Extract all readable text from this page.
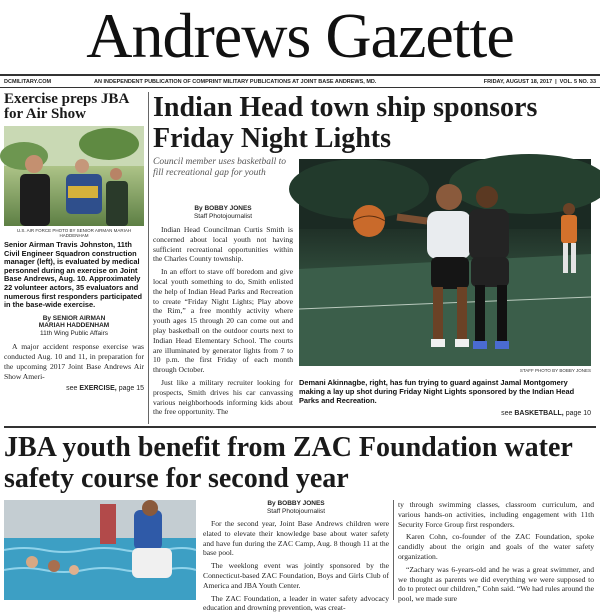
Andrews Gazette
DCMILITARY.COM	AN INDEPENDENT PUBLICATION OF COMPRINT MILITARY PUBLICATIONS AT JOINT BASE ANDREWS, MD.	FRIDAY, AUGUST 18, 2017 | VOL. 5 NO. 33
Exercise preps JBA for Air Show
U.S. AIR FORCE PHOTO BY SENIOR AIRMAN MARIAH HADDENHAM
Senior Airman Travis Johnston, 11th Civil Engineer Squadron construction manager (left), is evaluated by medical personnel during an exercise on Joint Base Andrews, Aug. 10. Approximately 22 volunteer actors, 35 evaluators and numerous first responders participated in the base-wide exercise.
By SENIOR AIRMAN
MARIAH HADDENHAM
11th Wing Public Affairs
A major accident response exercise was conducted Aug. 10 and 11, in preparation for the upcoming 2017 Joint Base Andrews Air Show Ameri-
see EXERCISE, page 15
Indian Head town ship sponsors Friday Night Lights
Council member uses basketball to fill recreational gap for youth
By BOBBY JONES
Staff Photojournalist
Indian Head Councilman Curtis Smith is concerned about local youth not having sufficient recreational opportunities within the Charles County township.
In an effort to stave off boredom and give local youth something to do, Smith enlisted the help of Indian Head Parks and Recreation to create “Friday Night Lights; Play above the Rim,” a free monthly activity where youth ages 15 through 20 can come out and play basketball on the outdoor courts next to Indian Head Elementary School. The courts are illuminated by generator lights from 7 to 10 p.m. the first Friday of each month through October.
Just like a military recruiter looking for prospects, Smith drives his car canvassing various neighborhoods informing kids about the free opportunity. The
STAFF PHOTO BY BOBBY JONES
Demani Akinnagbe, right, has fun trying to guard against Jamal Montgomery making a lay up shot during Friday Night Lights sponsored by the Indian Head Parks and Recreation.
see BASKETBALL, page 10
JBA youth benefit from ZAC Foundation water safety course for second year
By BOBBY JONES
Staff Photojournalist
For the second year, Joint Base Andrews children were elated to elevate their knowledge base about water safety and have fun during the ZAC Camp, Aug. 8 though 11 at the base pool.
The weeklong event was jointly sponsored by the Connecticut-based ZAC Foundation, Boys and Girls Club of America and JBA Youth Center.
The ZAC Foundation, a leader in water safety advocacy education and drowning prevention, was creat-
ty through swimming classes, classroom curriculum, and various hands-on activities, including engagement with 11th Security Force Group first responders.
Karen Cohn, co-founder of the ZAC Foundation, spoke candidly about the origin and goals of the water safety organization.
“Zachary was 6-years-old and he was a great swimmer, and we thought as parents we did everything we were supposed to do to protect our children,” Cohn said. “We had rules around the pool, we made sure
